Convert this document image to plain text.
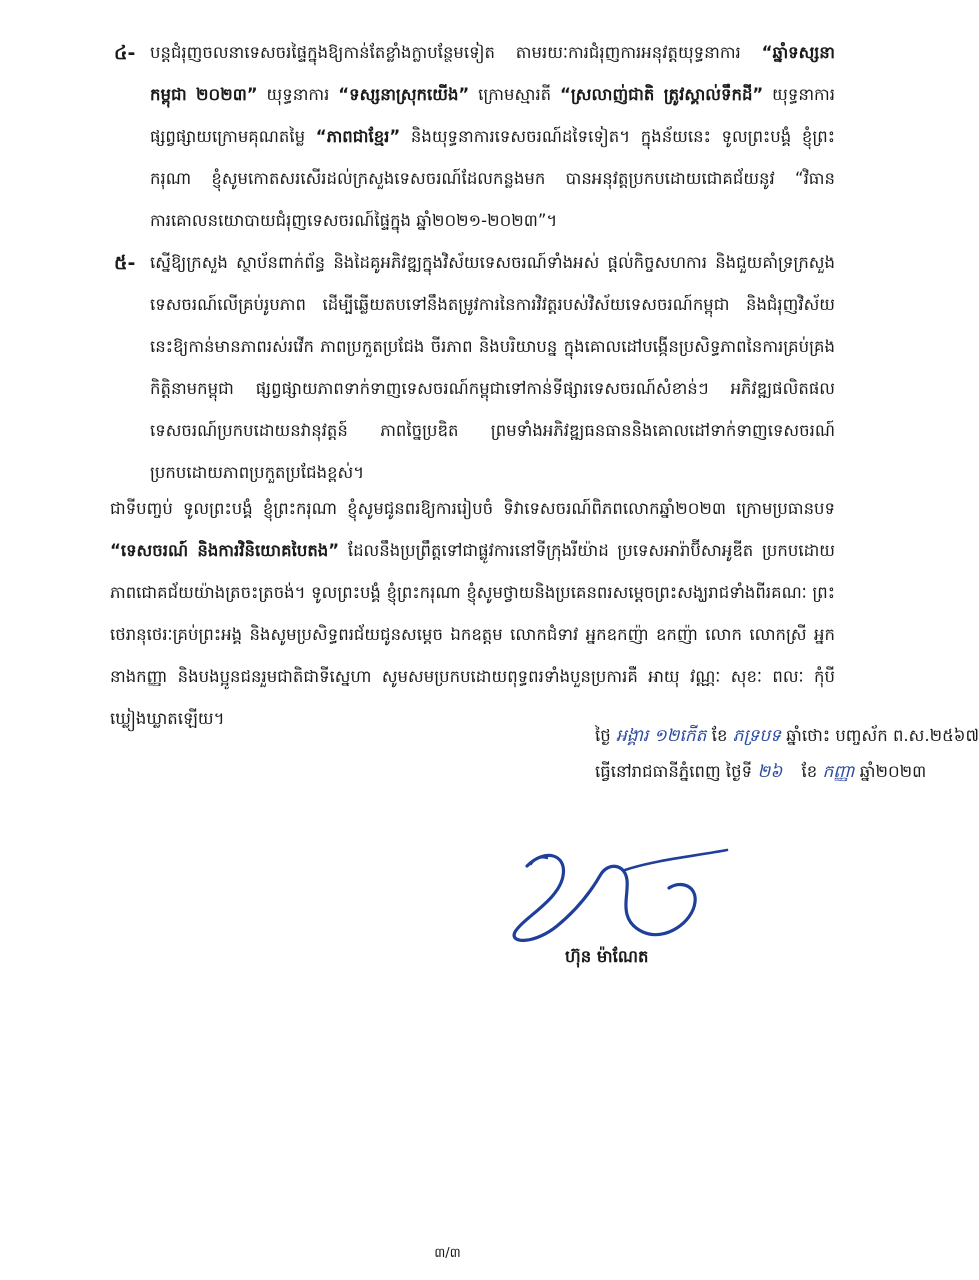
៤- បន្តជំរុញចលនាទេសចរផ្ទៃក្នុងឱ្យកាន់តែខ្លាំងក្លាបន្ថែមទៀត តាមរយៈការជំរុញការអនុវត្តយុទ្ធនាការ “ឆ្នាំទស្សនាកម្ពុជា ២០២៣” យុទ្ធនាការ “ទស្សនាស្រុកយើង” ក្រោមស្មារតី “ស្រលាញ់ជាតិ ត្រូវស្គាល់ទឹកដី” យុទ្ធនាការផ្សព្វផ្សាយក្រោមគុណតម្លៃ “ភាពជាខ្មែរ” និងយុទ្ធនាការទេសចរណ៍ដទៃទៀត។ ក្នុងន័យនេះ ទូលព្រះបង្គំ ខ្ញុំព្រះករុណា ខ្ញុំសូមកោតសរសើរដល់ក្រសួងទេសចរណ៍ដែលកន្លងមក បានអនុវត្តប្រកបដោយជោគជ័យនូវ “វិធានការគោលនយោបាយជំរុញទេសចរណ៍ផ្ទៃក្នុង ឆ្នាំ២០២១-២០២៣”។
៥- ស្នើឱ្យក្រសួង ស្ថាប័នពាក់ព័ន្ធ និងដៃគូអភិវឌ្ឍក្នុងវិស័យទេសចរណ៍ទាំងអស់ ផ្ដល់កិច្ចសហការ និងជួយគាំទ្រក្រសួងទេសចរណ៍លើគ្រប់រូបភាព ដើម្បីឆ្លើយតបទៅនឹងតម្រូវការនៃការវិវត្តរបស់វិស័យទេសចរណ៍កម្ពុជា និងជំរុញវិស័យនេះឱ្យកាន់មានភាពរស់រវើក ភាពប្រកួតប្រជែង ចីរភាព និងបរិយាបន្ន ក្នុងគោលដៅបង្កើនប្រសិទ្ធភាពនៃការគ្រប់គ្រងកិត្តិនាមកម្ពុជា ផ្សព្វផ្សាយភាពទាក់ទាញទេសចរណ៍កម្ពុជាទៅកាន់ទីផ្សារទេសចរណ៍សំខាន់ៗ អភិវឌ្ឍផលិតផលទេសចរណ៍ប្រកបដោយនវានុវត្តន៍ ភាពច្នៃប្រឌិត ព្រមទាំងអភិវឌ្ឍធនធាននិងគោលដៅទាក់ទាញទេសចរណ៍ប្រកបដោយភាពប្រកួតប្រជែងខ្ពស់។
ជាទីបញ្ចប់ ទូលព្រះបង្គំ ខ្ញុំព្រះករុណា ខ្ញុំសូមជូនពរឱ្យការរៀបចំ ទិវាទេសចរណ៍ពិភពលោកឆ្នាំ២០២៣ ក្រោមប្រធានបទ “ទេសចរណ៍ និងការវិនិយោគបៃតង” ដែលនឹងប្រព្រឹត្តទៅជាផ្លូវការនៅទីក្រុងរីយ៉ាដ ប្រទេសអារ៉ាប៊ីសាអូឌីត ប្រកបដោយភាពជោគជ័យយ៉ាងត្រចះត្រចង់។ ទូលព្រះបង្គំ ខ្ញុំព្រះករុណា ខ្ញុំសូមថ្វាយនិងប្រគេនពរសម្តេចព្រះសង្ឃរាជទាំងពីរគណៈ ព្រះថេរានុថេរៈគ្រប់ព្រះអង្គ និងសូមប្រសិទ្ធពរជ័យជូនសម្តេច ឯកឧត្តម លោកជំទាវ អ្នកឧកញ៉ា ឧកញ៉ា លោក លោកស្រី អ្នកនាងកញ្ញា និងបងប្អូនជនរួមជាតិជាទីស្នេហា សូមសមប្រកបដោយពុទ្ធពរទាំងបួនប្រការគឺ អាយុ វណ្ណៈ សុខៈ ពលៈ កុំបីឃ្លៀងឃ្លាតឡើយ។
ថ្ងៃ អង្គារ ១២កើត ខែ ភទ្របទ ឆ្នាំថោះ បញ្ចស័ក ព.ស.២៥៦៧
ធ្វើនៅរាជធានីភ្នំពេញ ថ្ងៃទី ២៦ ខែ កញ្ញា ឆ្នាំ២០២៣
ហ៊ុន ម៉ាណែត
៣/៣
